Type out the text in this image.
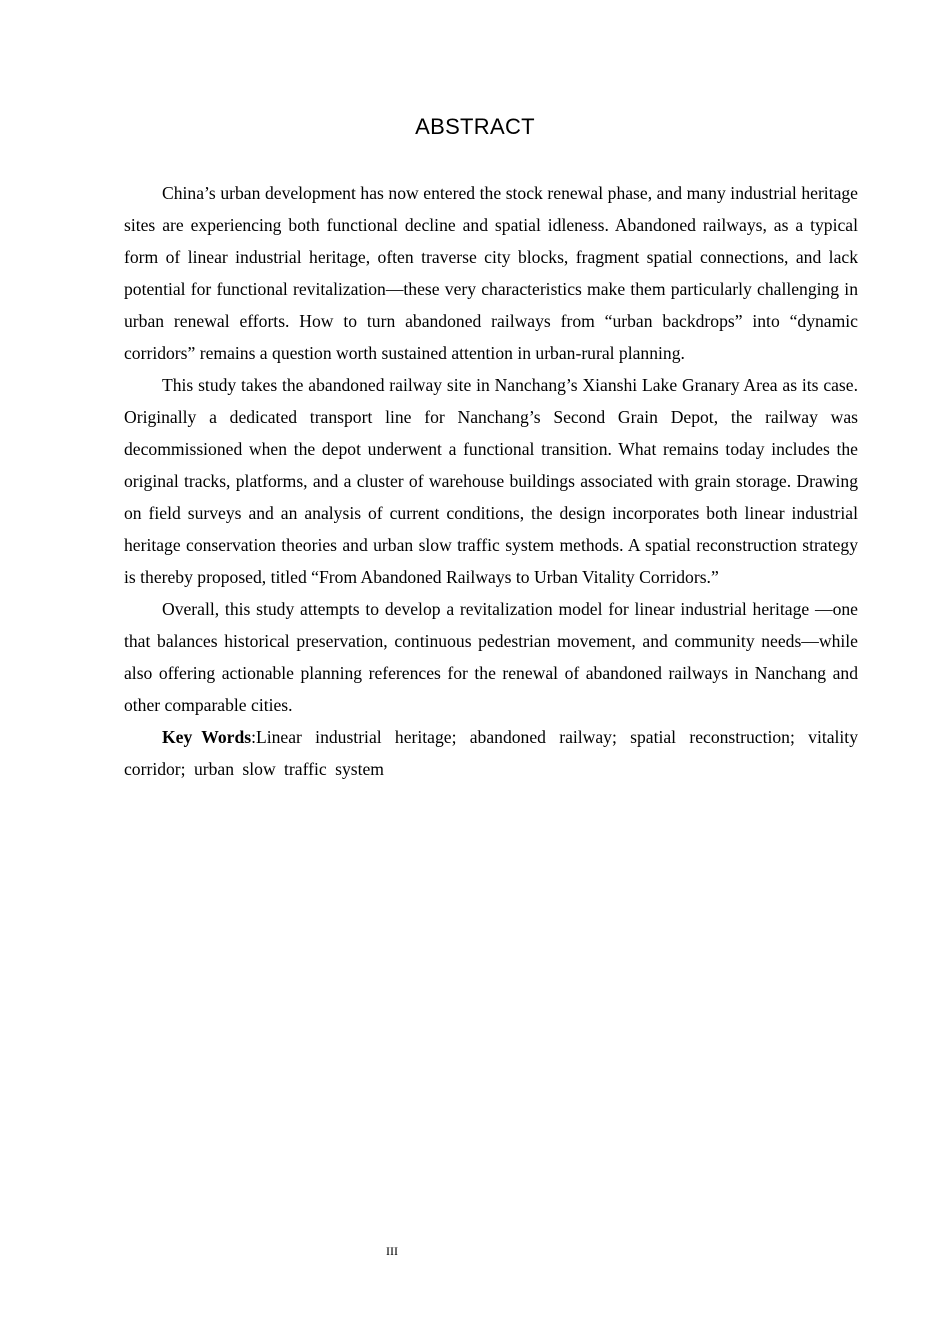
ABSTRACT

China’s urban development has now entered the stock renewal phase, and many industrial heritage sites are experiencing both functional decline and spatial idleness. Abandoned railways, as a typical form of linear industrial heritage, often traverse city blocks, fragment spatial connections, and lack potential for functional revitalization—these very characteristics make them particularly challenging in urban renewal efforts. How to turn abandoned railways from “urban backdrops” into “dynamic corridors” remains a question worth sustained attention in urban-rural planning.

This study takes the abandoned railway site in Nanchang’s Xianshi Lake Granary Area as its case. Originally a dedicated transport line for Nanchang’s Second Grain Depot, the railway was decommissioned when the depot underwent a functional transition. What remains today includes the original tracks, platforms, and a cluster of warehouse buildings associated with grain storage. Drawing on field surveys and an analysis of current conditions, the design incorporates both linear industrial heritage conservation theories and urban slow traffic system methods. A spatial reconstruction strategy is thereby proposed, titled “From Abandoned Railways to Urban Vitality Corridors.”

Overall, this study attempts to develop a revitalization model for linear industrial heritage —one that balances historical preservation, continuous pedestrian movement, and community needs—while also offering actionable planning references for the renewal of abandoned railways in Nanchang and other comparable cities.

Key Words:Linear industrial heritage; abandoned railway; spatial reconstruction; vitality corridor; urban slow traffic system

III
